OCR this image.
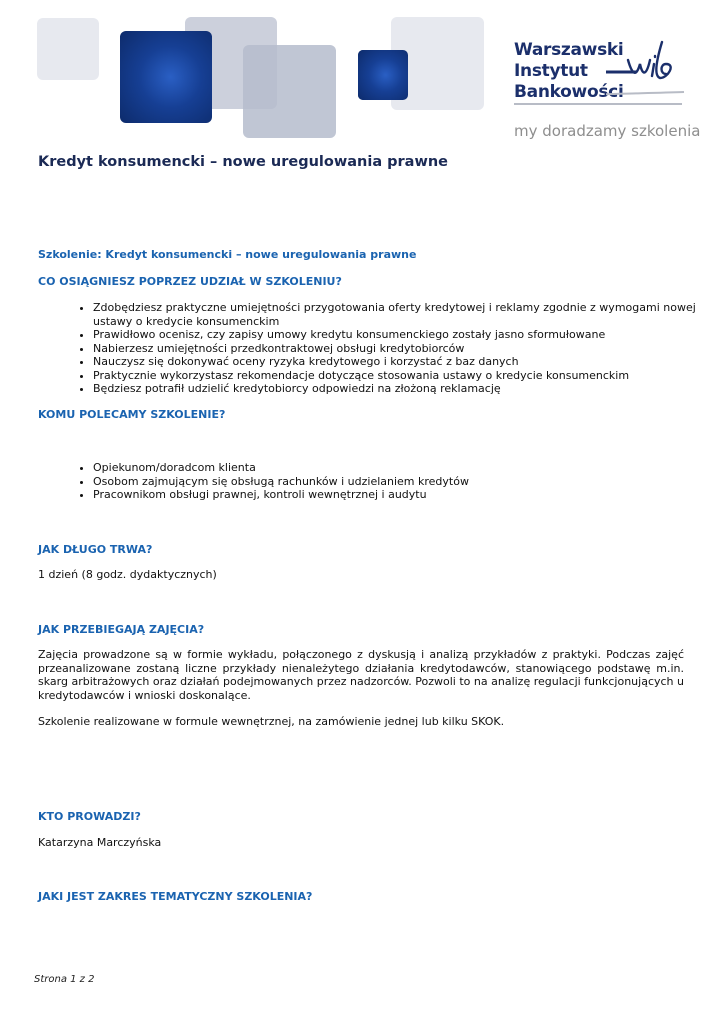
Warszawski
Instytut
Bankowości
my doradzamy szkolenia
Kredyt konsumencki – nowe uregulowania prawne
Szkolenie: Kredyt konsumencki – nowe uregulowania prawne
CO OSIĄGNIESZ POPRZEZ UDZIAŁ W SZKOLENIU?
• Zdobędziesz praktyczne umiejętności przygotowania oferty kredytowej i reklamy zgodnie z wymogami nowej ustawy o kredycie konsumenckim
• Prawidłowo ocenisz, czy zapisy umowy kredytu konsumenckiego zostały jasno sformułowane
• Nabierzesz umiejętności przedkontraktowej obsługi kredytobiorców
• Nauczysz się dokonywać oceny ryzyka kredytowego i korzystać z baz danych
• Praktycznie wykorzystasz rekomendacje dotyczące stosowania ustawy o kredycie konsumenckim
• Będziesz potrafił udzielić kredytobiorcy odpowiedzi na złożoną reklamację
KOMU POLECAMY SZKOLENIE?
• Opiekunom/doradcom klienta
• Osobom zajmującym się obsługą rachunków i udzielaniem kredytów
• Pracownikom obsługi prawnej, kontroli wewnętrznej i audytu
JAK DŁUGO TRWA?

1 dzień (8 godz. dydaktycznych)

JAK PRZEBIEGAJĄ ZAJĘCIA?

Zajęcia prowadzone są w formie wykładu, połączonego z dyskusją i analizą przykładów z praktyki. Podczas zajęć przeanalizowane zostaną liczne przykłady nienależytego działania kredytodawców, stanowiącego podstawę m.in. skarg arbitrażowych oraz działań podejmowanych przez nadzorców. Pozwoli to na analizę regulacji funkcjonujących u kredytodawców i wnioski doskonalące.

Szkolenie realizowane w formule wewnętrznej, na zamówienie jednej lub kilku SKOK.

KTO PROWADZI?

Katarzyna Marczyńska

JAKI JEST ZAKRES TEMATYCZNY SZKOLENIA?
Strona 1 z 2
